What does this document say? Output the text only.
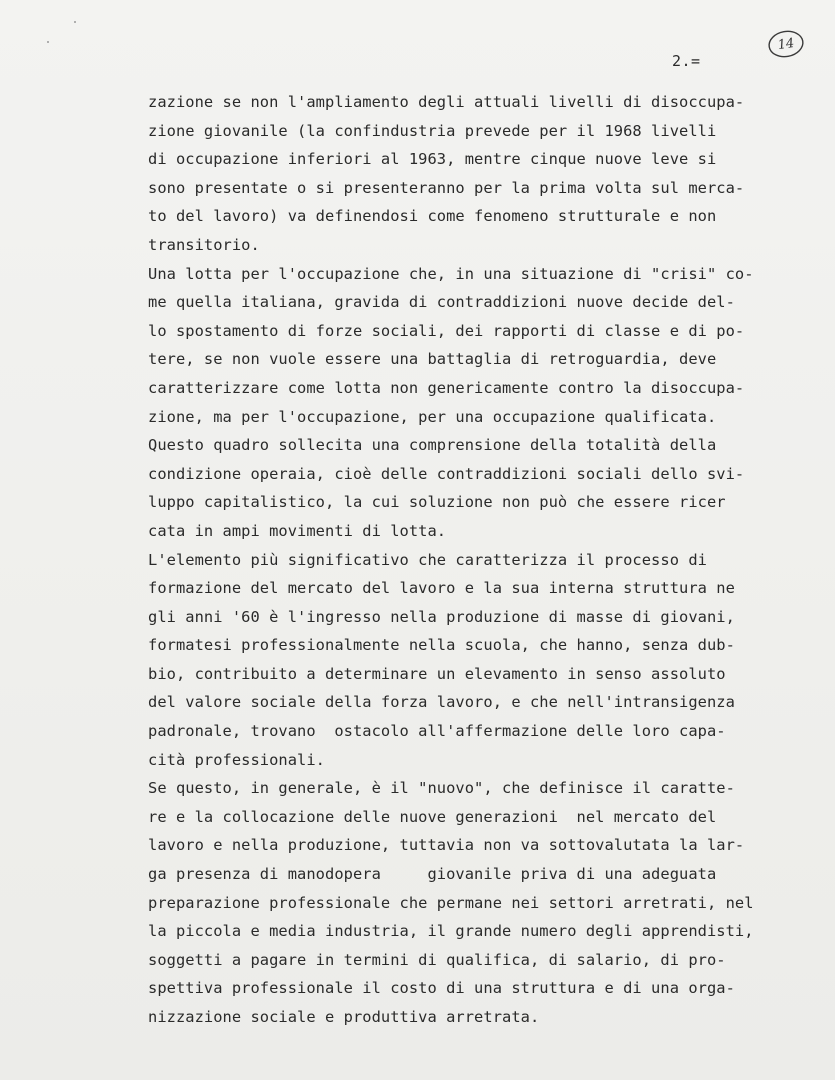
14
2.=
zazione se non l'ampliamento degli attuali livelli di disoccupa-
zione giovanile (la confindustria prevede per il 1968 livelli
di occupazione inferiori al 1963, mentre cinque nuove leve si
sono presentate o si presenteranno per la prima volta sul merca-
to del lavoro) va definendosi come fenomeno strutturale e non
transitorio.
Una lotta per l'occupazione che, in una situazione di "crisi" co-
me quella italiana, gravida di contraddizioni nuove decide del-
lo spostamento di forze sociali, dei rapporti di classe e di po-
tere, se non vuole essere una battaglia di retroguardia, deve
caratterizzare come lotta non genericamente contro la disoccupa-
zione, ma per l'occupazione, per una occupazione qualificata.
Questo quadro sollecita una comprensione della totalità della
condizione operaia, cioè delle contraddizioni sociali dello svi-
luppo capitalistico, la cui soluzione non può che essere ricer
cata in ampi movimenti di lotta.
L'elemento più significativo che caratterizza il processo di
formazione del mercato del lavoro e la sua interna struttura ne
gli anni '60 è l'ingresso nella produzione di masse di giovani,
formatesi professionalmente nella scuola, che hanno, senza dub-
bio, contribuito a determinare un elevamento in senso assoluto
del valore sociale della forza lavoro, e che nell'intransigenza
padronale, trovano  ostacolo all'affermazione delle loro capa-
cità professionali.
Se questo, in generale, è il "nuovo", che definisce il caratte-
re e la collocazione delle nuove generazioni  nel mercato del
lavoro e nella produzione, tuttavia non va sottovalutata la lar-
ga presenza di manodopera     giovanile priva di una adeguata
preparazione professionale che permane nei settori arretrati, nel
la piccola e media industria, il grande numero degli apprendisti,
soggetti a pagare in termini di qualifica, di salario, di pro-
spettiva professionale il costo di una struttura e di una orga-
nizzazione sociale e produttiva arretrata.
